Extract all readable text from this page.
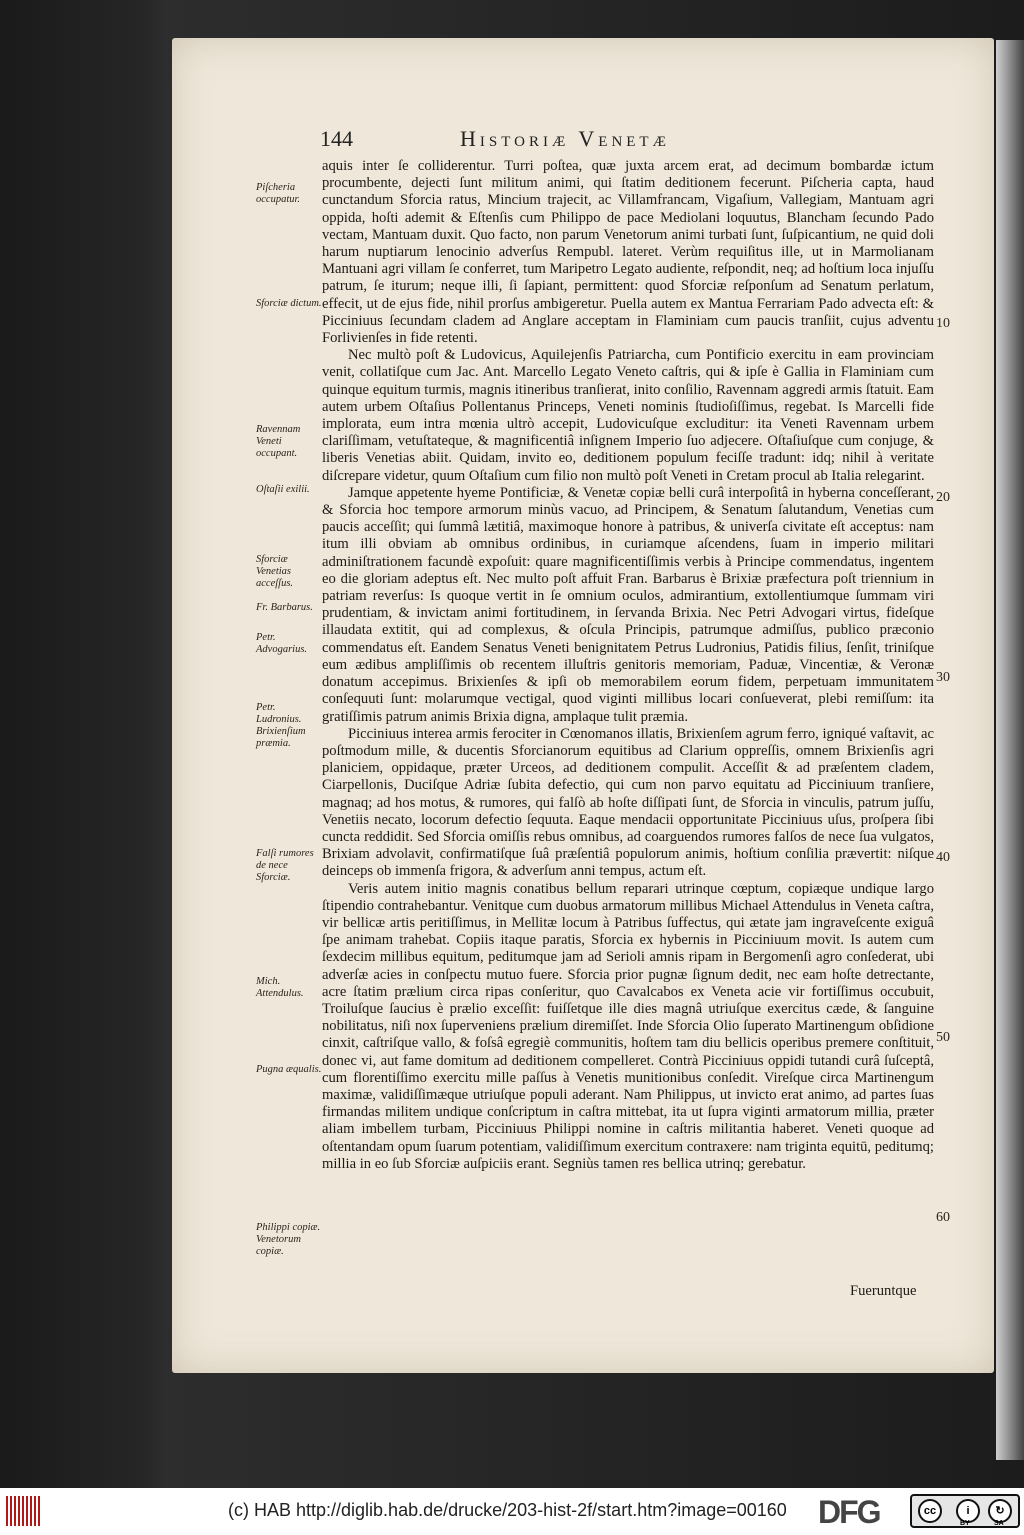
144	Historiæ Venetæ

aquis inter ſe colliderentur. Turri poſtea, quæ juxta arcem erat, ad decimum bombardæ ictum procumbente, dejecti ſunt militum animi, qui ſtatim deditionem fecerunt. Piſcheria capta, haud cunctandum Sforcia ratus, Mincium trajecit, ac Villamfrancam, Vigaſium, Vallegiam, Mantuam agri oppida, hoſti ademit & Eſtenſis cum Philippo de pace Mediolani loquutus, Blancham ſecundo Pado vectam, Mantuam duxit. Quo facto, non parum Venetorum animi turbati ſunt, ſuſpicantium, ne quid doli harum nuptiarum lenocinio adverſus Rempubl. lateret. Verùm requiſitus ille, ut in Marmolianam Mantuani agri villam ſe conferret, tum Maripetro Legato audiente, reſpondit, neq; ad hoſtium loca injuſſu patrum, ſe iturum; neque illi, ſi ſapiant, permittent: quod Sforciæ reſponſum ad Senatum perlatum, effecit, ut de ejus fide, nihil prorſus ambigeretur. Puella autem ex Mantua Ferrariam Pado advecta eſt: & Picciniuus ſecundam cladem ad Anglare acceptam in Flaminiam cum paucis tranſiit, cujus adventu Forlivienſes in fide retenti.

Nec multò poſt & Ludovicus, Aquilejenſis Patriarcha, cum Pontificio exercitu in eam provinciam venit, collatiſque cum Jac. Ant. Marcello Legato Veneto caſtris, qui & ipſe è Gallia in Flaminiam cum quinque equitum turmis, magnis itineribus tranſierat, inito conſilio, Ravennam aggredi armis ſtatuit. Eam autem urbem Oſtaſius Pollentanus Princeps, Veneti nominis ſtudioſiſſimus, regebat. Is Marcelli fide implorata, eum intra mœnia ultrò accepit, Ludovicuſque excluditur: ita Veneti Ravennam urbem clariſſimam, vetuſtateque, & magnificentiâ inſignem Imperio ſuo adjecere. Oſtaſiuſque cum conjuge, & liberis Venetias abiit. Quidam, invito eo, deditionem populum feciſſe tradunt: idq; nihil à veritate diſcrepare videtur, quum Oſtaſium cum filio non multò poſt Veneti in Cretam procul ab Italia relegarint.

Jamque appetente hyeme Pontificiæ, & Venetæ copiæ belli curâ interpoſitâ in hyberna conceſſerant, & Sforcia hoc tempore armorum minùs vacuo, ad Principem, & Senatum ſalutandum, Venetias cum paucis acceſſit; qui ſummâ lætitiâ, maximoque honore à patribus, & univerſa civitate eſt acceptus: nam itum illi obviam ab omnibus ordinibus, in curiamque aſcendens, ſuam in imperio militari adminiſtrationem facundè expoſuit: quare magnificentiſſimis verbis à Principe commendatus, ingentem eo die gloriam adeptus eſt. Nec multo poſt affuit Fran. Barbarus è Brixiæ præfectura poſt triennium in patriam reverſus: Is quoque vertit in ſe omnium oculos, admirantium, extollentiumque ſummam viri prudentiam, & invictam animi fortitudinem, in ſervanda Brixia. Nec Petri Advogari virtus, fideſque illaudata extitit, qui ad complexus, & oſcula Principis, patrumque admiſſus, publico præconio commendatus eſt. Eandem Senatus Veneti benignitatem Petrus Ludronius, Patidis filius, ſenſit, triniſque eum ædibus ampliſſimis ob recentem illuſtris genitoris memoriam, Paduæ, Vincentiæ, & Veronæ donatum accepimus. Brixienſes & ipſi ob memorabilem eorum fidem, perpetuam immunitatem conſequuti ſunt: molarumque vectigal, quod viginti millibus locari conſueverat, plebi remiſſum: ita gratiſſimis patrum animis Brixia digna, amplaque tulit præmia.

Picciniuus interea armis ferociter in Cœnomanos illatis, Brixienſem agrum ferro, igniqué vaſtavit, ac poſtmodum mille, & ducentis Sforcianorum equitibus ad Clarium oppreſſis, omnem Brixienſis agri planiciem, oppidaque, præter Urceos, ad deditionem compulit. Acceſſit & ad præſentem cladem, Ciarpellonis, Duciſque Adriæ ſubita defectio, qui cum non parvo equitatu ad Picciniuum tranſiere, magnaq; ad hos motus, & rumores, qui falſò ab hoſte diſſipati ſunt, de Sforcia in vinculis, patrum juſſu, Venetiis necato, locorum defectio ſequuta. Eaque mendacii opportunitate Picciniuus uſus, proſpera ſibi cuncta reddidit. Sed Sforcia omiſſis rebus omnibus, ad coarguendos rumores falſos de nece ſua vulgatos, Brixiam advolavit, confirmatiſque ſuâ præſentiâ populorum animis, hoſtium conſilia prævertit: niſque deinceps ob immenſa frigora, & adverſum anni tempus, actum eſt.

Veris autem initio magnis conatibus bellum reparari utrinque cœptum, copiæque undique largo ſtipendio contrahebantur. Venitque cum duobus armatorum millibus Michael Attendulus in Veneta caſtra, vir bellicæ artis peritiſſimus, in Mellitæ locum à Patribus ſuffectus, qui ætate jam ingraveſcente exiguâ ſpe animam trahebat. Copiis itaque paratis, Sforcia ex hybernis in Picciniuum movit. Is autem cum ſexdecim millibus equitum, peditumque jam ad Serioli amnis ripam in Bergomenſi agro conſederat, ubi adverſæ acies in conſpectu mutuo fuere. Sforcia prior pugnæ ſignum dedit, nec eam hoſte detrectante, acre ſtatim prælium circa ripas conſeritur, quo Cavalcabos ex Veneta acie vir fortiſſimus occubuit, Troiluſque ſaucius è prælio exceſſit: fuiſſetque ille dies magnâ utriuſque exercitus cæde, & ſanguine nobilitatus, niſi nox ſuperveniens prælium diremiſſet. Inde Sforcia Olio ſuperato Martinengum obſidione cinxit, caſtriſque vallo, & foſsâ egregiè communitis, hoſtem tam diu bellicis operibus premere conſtituit, donec vi, aut fame domitum ad deditionem compelleret. Contrà Picciniuus oppidi tutandi curâ ſuſceptâ, cum florentiſſimo exercitu mille paſſus à Venetis munitionibus conſedit. Vireſque circa Martinengum maximæ, validiſſimæque utriuſque populi aderant. Nam Philippus, ut invicto erat animo, ad partes ſuas firmandas militem undique conſcriptum in caſtra mittebat, ita ut ſupra viginti armatorum millia, præter aliam imbellem turbam, Picciniuus Philippi nomine in caſtris militantia haberet. Veneti quoque ad oſtentandam opum ſuarum potentiam, validiſſimum exercitum contraxere: nam triginta equitū, peditumq; millia in eo ſub Sforciæ auſpiciis erant. Segniùs tamen res bellica utrinq; gerebatur.

Fueruntque
Piſcheria occupatur.
Sforciæ dictum.
Ravennam Veneti occupant.
Oſtaſii exilii.
Sforciæ Venetias acceſſus.
Fr. Barbarus.
Petr. Advogarius.
Petr. Ludronius. Brixienſium præmia.
Falſi rumores de nece Sforciæ.
Mich. Attendulus.
Pugna æqualis.
Philippi copiæ. Venetorum copiæ.
10
20
30
40
50
60
(c) HAB http://diglib.hab.de/drucke/203-hist-2f/start.htm?image=00160 DFG	cc	i	↻
BY	SA
